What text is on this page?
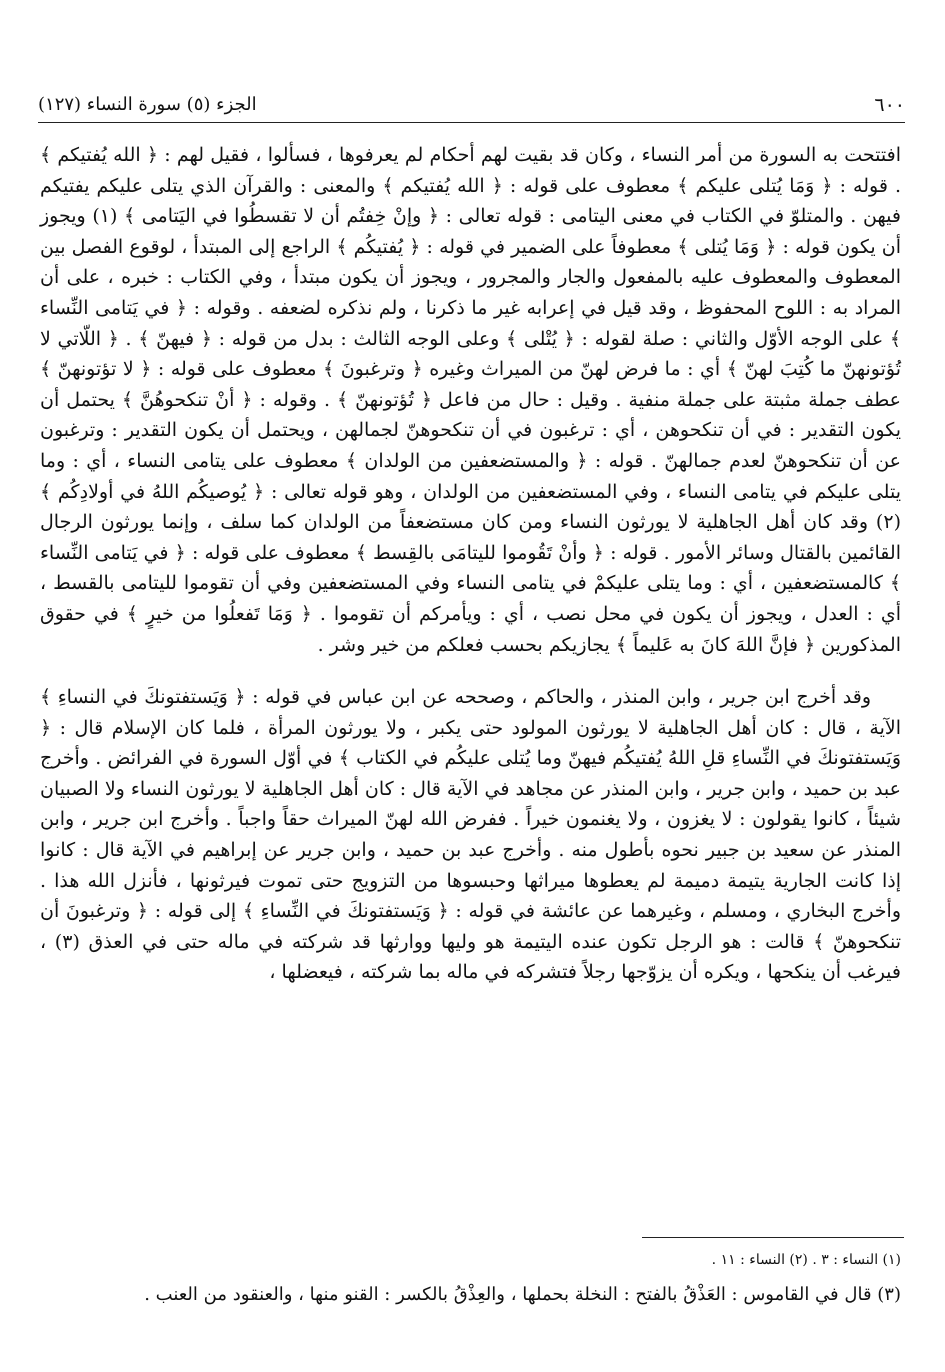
٦٠٠
الجزء (٥) سورة النساء (١٢٧)

افتتحت به السورة من أمر النساء ، وكان قد بقيت لهم أحكام لم يعرفوها ، فسألوا ، فقيل لهم : ﴿ الله يُفتيكم ﴾ . قوله : ﴿ وَمَا يُتلى عليكم ﴾ معطوف على قوله : ﴿ الله يُفتيكم ﴾ والمعنى : والقرآن الذي يتلى عليكم يفتيكم فيهن . والمتلوّ في الكتاب في معنى اليتامى : قوله تعالى : ﴿ وإنْ خِفتُم أن لا تقسطُوا في اليَتامى ﴾ (١) ويجوز أن يكون قوله : ﴿ وَمَا يُتلى ﴾ معطوفاً على الضمير في قوله : ﴿ يُفتيكُم ﴾ الراجع إلى المبتدأ ، لوقوع الفصل بين المعطوف والمعطوف عليه بالمفعول والجار والمجرور ، ويجوز أن يكون مبتدأ ، وفي الكتاب : خبره ، على أن المراد به : اللوح المحفوظ ، وقد قيل في إعرابه غير ما ذكرنا ، ولم نذكره لضعفه . وقوله : ﴿ في يَتامى النِّساء ﴾ على الوجه الأوّل والثاني : صلة لقوله : ﴿ يُتْلى ﴾ وعلى الوجه الثالث : بدل من قوله : ﴿ فيهنّ ﴾ . ﴿ اللّاتي لا تُؤتونهنّ ما كُتِبَ لهنّ ﴾ أي : ما فرض لهنّ من الميراث وغيره ﴿ وترغبونَ ﴾ معطوف على قوله : ﴿ لا تؤتونهنّ ﴾ عطف جملة مثبتة على جملة منفية . وقيل : حال من فاعل ﴿ تُؤتونهنّ ﴾ . وقوله : ﴿ أنْ تنكحوهُنَّ ﴾ يحتمل أن يكون التقدير : في أن تنكحوهن ، أي : ترغبون في أن تنكحوهنّ لجمالهن ، ويحتمل أن يكون التقدير : وترغبون عن أن تنكحوهنّ لعدم جمالهنّ . قوله : ﴿ والمستضعفين من الولدان ﴾ معطوف على يتامى النساء ، أي : وما يتلى عليكم في يتامى النساء ، وفي المستضعفين من الولدان ، وهو قوله تعالى : ﴿ يُوصيكُم اللهُ في أولادِكُم ﴾ (٢) وقد كان أهل الجاهلية لا يورثون النساء ومن كان مستضعفاً من الولدان كما سلف ، وإنما يورثون الرجال القائمين بالقتال وسائر الأمور . قوله : ﴿ وأنْ تَقُوموا لليتامَى بالقِسط ﴾ معطوف على قوله : ﴿ في يَتامى النِّساء ﴾ كالمستضعفين ، أي : وما يتلى عليكمْ في يتامى النساء وفي المستضعفين وفي أن تقوموا لليتامى بالقسط ، أي : العدل ، ويجوز أن يكون في محل نصب ، أي : ويأمركم أن تقوموا . ﴿ وَمَا تَفعلُوا من خيرٍ ﴾ في حقوق المذكورين ﴿ فإنَّ اللهَ كانَ به عَليماً ﴾ يجازيكم بحسب فعلكم من خير وشر .

وقد أخرج ابن جرير ، وابن المنذر ، والحاكم ، وصححه عن ابن عباس في قوله : ﴿ وَيَستفتونكَ في النساءِ ﴾ الآية ، قال : كان أهل الجاهلية لا يورثون المولود حتى يكبر ، ولا يورثون المرأة ، فلما كان الإسلام قال : ﴿ وَيَستفتونكَ في النِّساءِ قلِ اللهُ يُفتيكُم فيهنّ وما يُتلى عليكُم في الكتاب ﴾ في أوّل السورة في الفرائض . وأخرج عبد بن حميد ، وابن جرير ، وابن المنذر عن مجاهد في الآية قال : كان أهل الجاهلية لا يورثون النساء ولا الصبيان شيئاً ، كانوا يقولون : لا يغزون ، ولا يغنمون خيراً . ففرض الله لهنّ الميراث حقاً واجباً . وأخرج ابن جرير ، وابن المنذر عن سعيد بن جبير نحوه بأطول منه . وأخرج عبد بن حميد ، وابن جرير عن إبراهيم في الآية قال : كانوا إذا كانت الجارية يتيمة دميمة لم يعطوها ميراثها وحبسوها من التزويج حتى تموت فيرثونها ، فأنزل الله هذا . وأخرج البخاري ، ومسلم ، وغيرهما عن عائشة في قوله : ﴿ وَيَستفتونكَ في النِّساءِ ﴾ إلى قوله : ﴿ وترغبونَ أن تنكحوهنّ ﴾ قالت : هو الرجل تكون عنده اليتيمة هو وليها ووارثها قد شركته في ماله حتى في العذق (٣) ، فيرغب أن ينكحها ، ويكره أن يزوّجها رجلاً فتشركه في ماله بما شركته ، فيعضلها ،

(١) النساء : ٣ . (٢) النساء : ١١ .
(٣) قال في القاموس : العَذْقُ بالفتح : النخلة بحملها ، والعِذْقُ بالكسر : القنو منها ، والعنقود من العنب .
